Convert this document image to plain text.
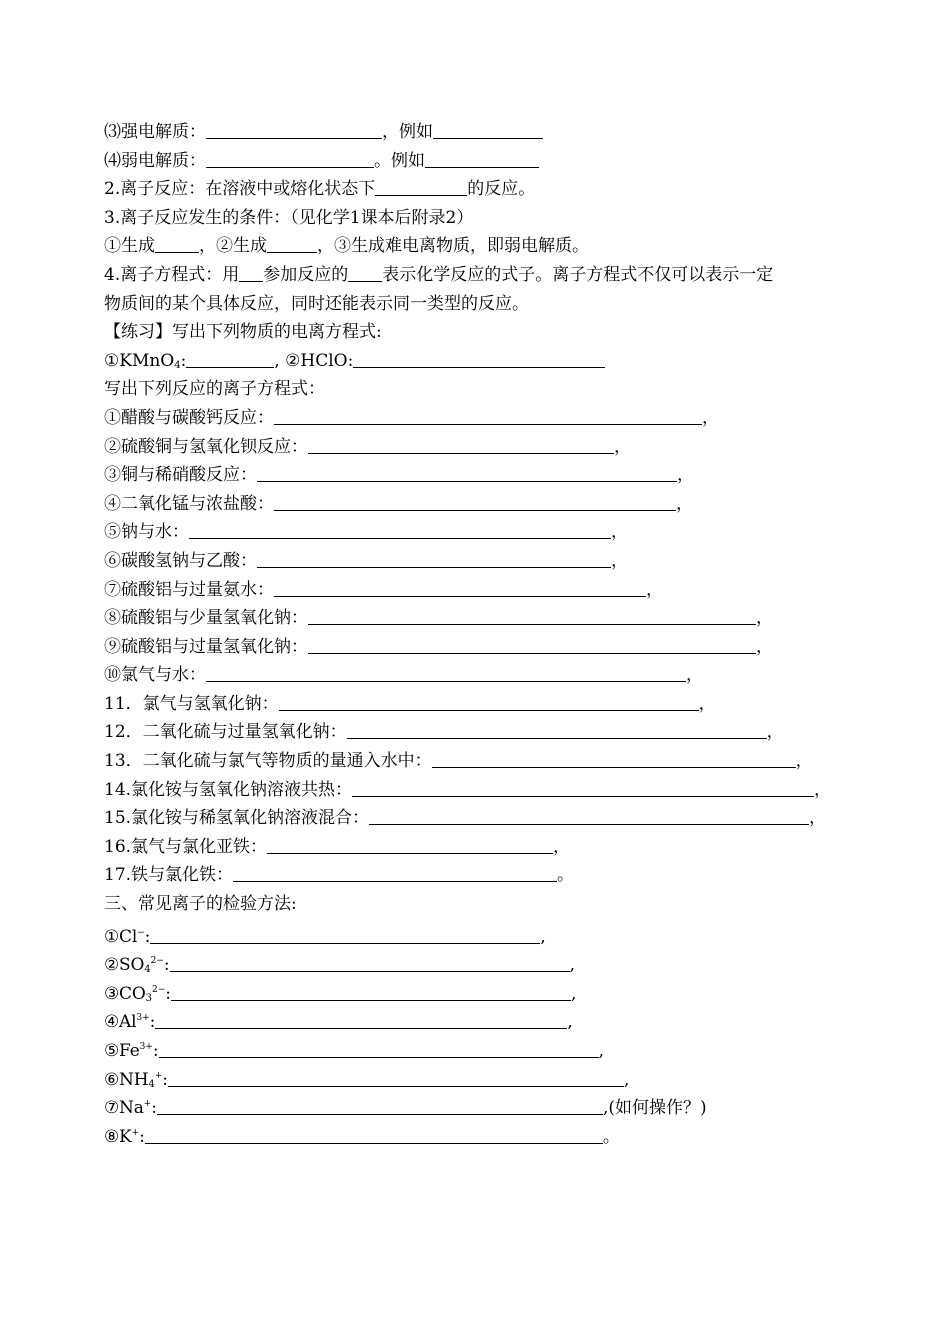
⑶强电解质：	，例如
⑷弱电解质：	。例如
2.离子反应：在溶液中或熔化状态下	的反应。
3.离子反应发生的条件：（见化学1课本后附录2）
①生成	，②生成	，③生成难电离物质，即弱电解质。
4.离子方程式：用 参加反应的 表示化学反应的式子。离子方程式不仅可以表示一定
物质间的某个具体反应，同时还能表示同一类型的反应。
【练习】写出下列物质的电离方程式:
①KMnO$_4$:	, ②HClO:
写出下列反应的离子方程式：
①醋酸与碳酸钙反应：	，
②硫酸铜与氢氧化钡反应：	，
③铜与稀硝酸反应：	，
④二氧化锰与浓盐酸：	，
⑤钠与水：	，
⑥碳酸氢钠与乙酸：	，
⑦硫酸铝与过量氨水：	，
⑧硫酸铝与少量氢氧化钠：	，
⑨硫酸铝与过量氢氧化钠：	，
⑩氯气与水：	，
11．氯气与氢氧化钠：	，
12．二氧化硫与过量氢氧化钠：	，
13．二氧化硫与氯气等物质的量通入水中：	，
14.氯化铵与氢氧化钠溶液共热：	，
15.氯化铵与稀氢氧化钠溶液混合：	，
16.氯气与氯化亚铁：	，
17.铁与氯化铁：	。
三、常见离子的检验方法:
①Cl−:	,
$②SO_4^{2-}$:	,
$③CO_3^{2-}$:	,
$④Al^{3+}$:	,
$⑤Fe^{3+}$:	,
$⑥NH_4^+$:	,
⑦Na+:	,(如何操作？)
⑧K+:	。
